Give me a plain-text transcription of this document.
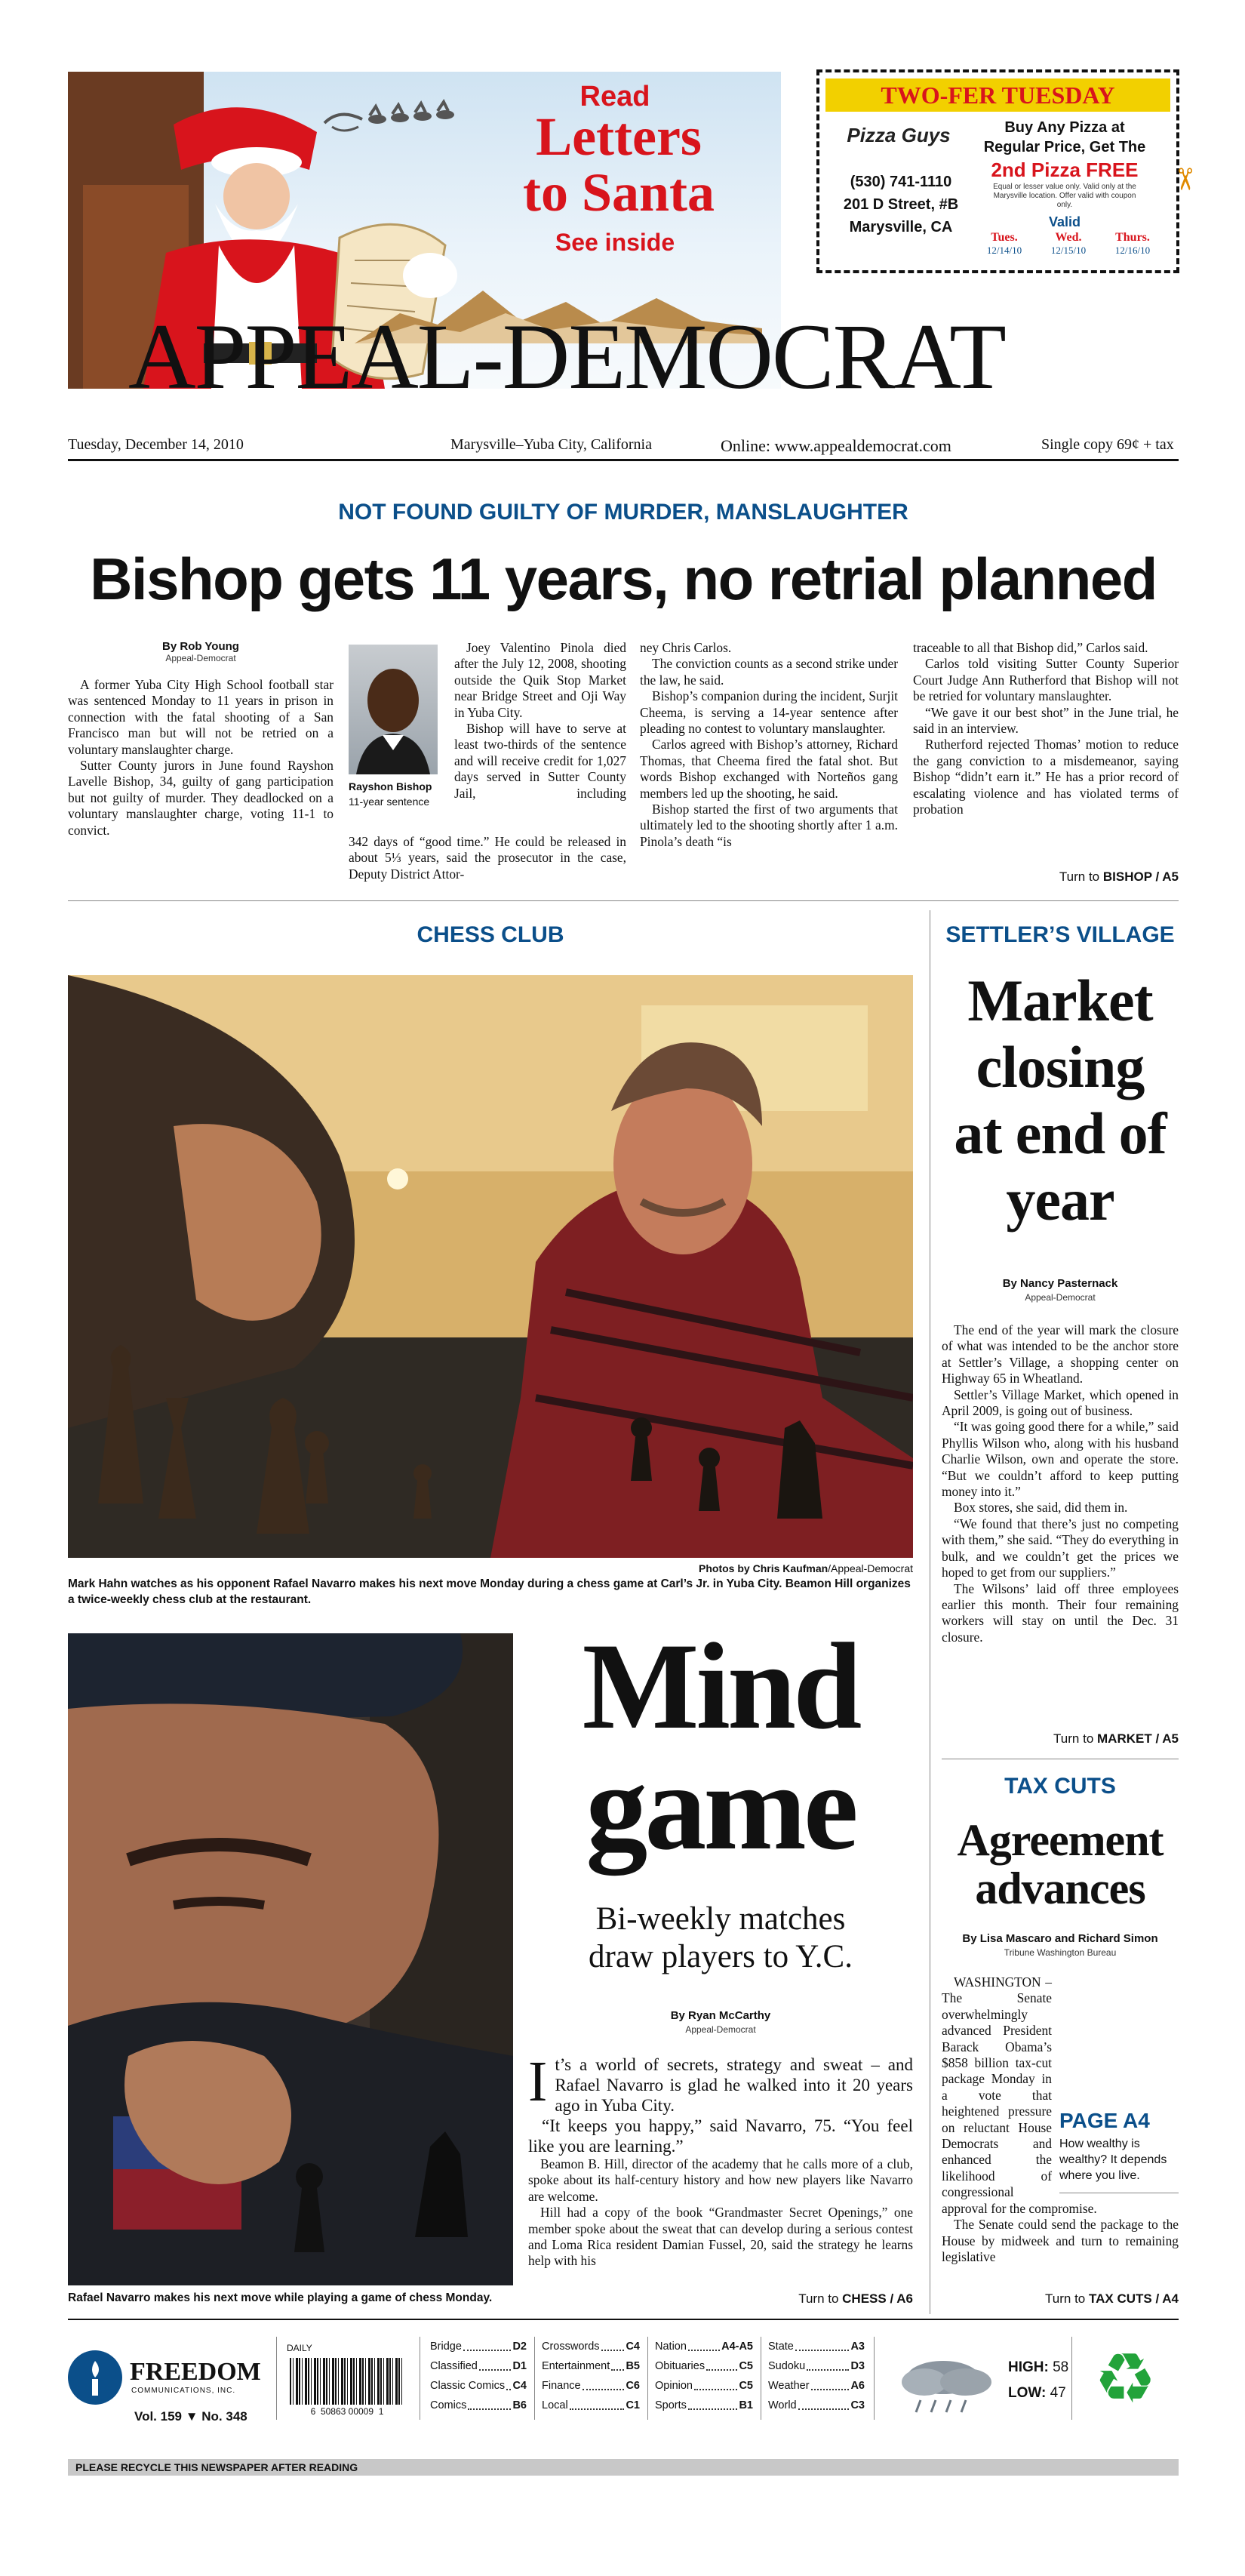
Read
Letters
to Santa
See inside
TWO-FER TUESDAY
Pizza Guys
(530) 741-1110
201 D Street, #B
Marysville, CA
Buy Any Pizza at
Regular Price, Get The
2nd Pizza FREE
Equal or lesser value only. Valid only at the Marysville location. Offer valid with coupon only.
Valid
Tues.
12/14/10
Wed.
12/15/10
Thurs.
12/16/10
✂
APPEAL-DEMOCRAT
Tuesday, December 14, 2010	Marysville–Yuba City, California	Online: www.appealdemocrat.com	Single copy 69¢ + tax
NOT FOUND GUILTY OF MURDER, MANSLAUGHTER
Bishop gets 11 years, no retrial planned
By Rob Young
Appeal-Democrat

A former Yuba City High School football star was sentenced Monday to 11 years in prison in connection with the fatal shooting of a San Francisco man but will not be retried on a voluntary manslaughter charge.

Sutter County jurors in June found Rayshon Lavelle Bishop, 34, guilty of gang participation but not guilty of murder. They deadlocked on a voluntary manslaughter charge, voting 11-1 to convict.

Rayshon Bishop
11-year sentence

Joey Valentino Pinola died after the July 12, 2008, shooting outside the Quik Stop Market near Bridge Street and Oji Way in Yuba City.

Bishop will have to serve at least two-thirds of the sentence and will receive credit for 1,027 days served in Sutter County Jail, including

342 days of “good time.” He could be released in about 5⅓ years, said the prosecutor in the case, Deputy District Attor-

ney Chris Carlos.

The conviction counts as a second strike under the law, he said.

Bishop’s companion during the incident, Surjit Cheema, is serving a 14-year sentence after pleading no contest to voluntary manslaughter.

Carlos agreed with Bishop’s attorney, Richard Thomas, that Cheema fired the fatal shot. But words Bishop exchanged with Norteños gang members led up the shooting, he said.

Bishop started the first of two arguments that ultimately led to the shooting shortly after 1 a.m. Pinola’s death “is

traceable to all that Bishop did,” Carlos said.

Carlos told visiting Sutter County Superior Court Judge Ann Rutherford that Bishop will not be retried for voluntary manslaughter.

“We gave it our best shot” in the June trial, he said in an interview.

Rutherford rejected Thomas’ motion to reduce the gang conviction to a misdemeanor, saying Bishop “didn’t earn it.” He has a prior record of escalating violence and has violated terms of probation

Turn to BISHOP / A5
CHESS CLUB
Photos by Chris Kaufman/Appeal-Democrat
Mark Hahn watches as his opponent Rafael Navarro makes his next move Monday during a chess game at Carl’s Jr. in Yuba City. Beamon Hill organizes a twice-weekly chess club at the restaurant.
Rafael Navarro makes his next move while playing a game of chess Monday.
Mind
game
Bi-weekly matches draw players to Y.C.
By Ryan McCarthy
Appeal-Democrat
I t’s a world of secrets, strategy and sweat – and Rafael Navarro is glad he walked into it 20 years ago in Yuba City.

“It keeps you happy,” said Navarro, 75. “You feel like you are learning.”

Beamon B. Hill, director of the academy that he calls more of a club, spoke about its half-century history and how new players like Navarro are welcome.

Hill had a copy of the book “Grandmaster Secret Openings,” one member spoke about the sweat that can develop during a serious contest and Loma Rica resident Damian Fussel, 20, said the strategy he learns help with his

Turn to CHESS / A6
SETTLER’S VILLAGE
Market closing at end of year
By Nancy Pasternack
Appeal-Democrat

The end of the year will mark the closure of what was intended to be the anchor store at Settler’s Village, a shopping center on Highway 65 in Wheatland.

Settler’s Village Market, which opened in April 2009, is going out of business.

“It was going good there for a while,” said Phyllis Wilson who, along with his husband Charlie Wilson, own and operate the store. “But we couldn’t afford to keep putting money into it.”

Box stores, she said, did them in.

“We found that there’s just no competing with them,” she said. “They do everything in bulk, and we couldn’t get the prices we hoped to get from our suppliers.”

The Wilsons’ laid off three employees earlier this month. Their four remaining workers will stay on until the Dec. 31 closure.

Turn to MARKET / A5
TAX CUTS
Agreement advances
By Lisa Mascaro and Richard Simon
Tribune Washington Bureau
PAGE A4
How wealthy is wealthy? It depends where you live.

WASHINGTON – The Senate overwhelmingly advanced President Barack Obama’s $858 billion tax-cut package Monday in a vote that heightened pressure on reluctant House Democrats and enhanced the likelihood of congressional approval for the compromise.

The Senate could send the package to the House by midweek and turn to remaining legislative

Turn to TAX CUTS / A4
FREEDOM
COMMUNICATIONS, INC.
Vol. 159 ▼ No. 348
DAILY
6  50863 00009  1
Bridge	D2
Classified	D1
Classic Comics C4
Comics	B6
Crosswords C4
Entertainment B5
Finance	C6
Local	C1
Nation	A4-A5
Obituaries	C5
Opinion	C5
Sports	B1
State	A3
Sudoku	D3
Weather	A6
World	C3
HIGH: 58
LOW: 47 ♻
PLEASE RECYCLE THIS NEWSPAPER AFTER READING
